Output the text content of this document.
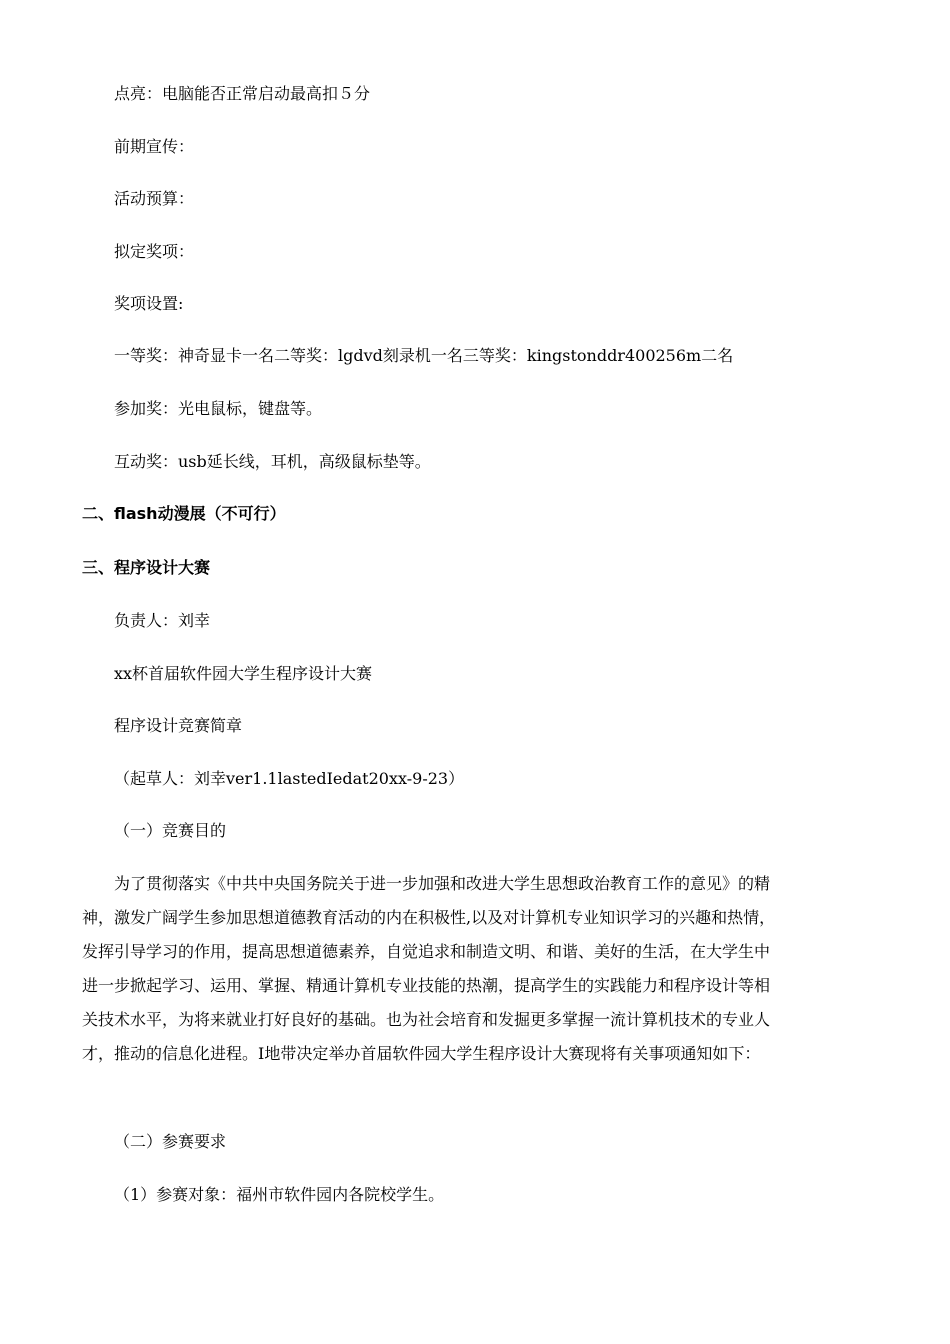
点亮：电脑能否正常启动最高扣５分
前期宣传：
活动预算：
拟定奖项：
奖项设置:
一等奖：神奇显卡一名二等奖：lgdvd刻录机一名三等奖：kingstonddr400256m二名
参加奖：光电鼠标，键盘等。
互动奖：usb延长线，耳机，高级鼠标垫等。
二、flash动漫展（不可行）
三、程序设计大赛
负责人：刘幸
xx杯首届软件园大学生程序设计大赛
程序设计竞赛简章
（起草人：刘幸ver1.1lastedIedat20xx-9-23）
（一）竞赛目的
为了贯彻落实《中共中央国务院关于进一步加强和改进大学生思想政治教育工作的意见》的精
神，激发广阔学生参加思想道德教育活动的内在积极性,以及对计算机专业知识学习的兴趣和热情，
发挥引导学习的作用，提高思想道德素养，自觉追求和制造文明、和谐、美好的生活，在大学生中
进一步掀起学习、运用、掌握、精通计算机专业技能的热潮，提高学生的实践能力和程序设计等相
关技术水平，为将来就业打好良好的基础。也为社会培育和发掘更多掌握一流计算机技术的专业人
才，推动的信息化进程。I地带决定举办首届软件园大学生程序设计大赛现将有关事项通知如下：
（二）参赛要求
（1）参赛对象：福州市软件园内各院校学生。
